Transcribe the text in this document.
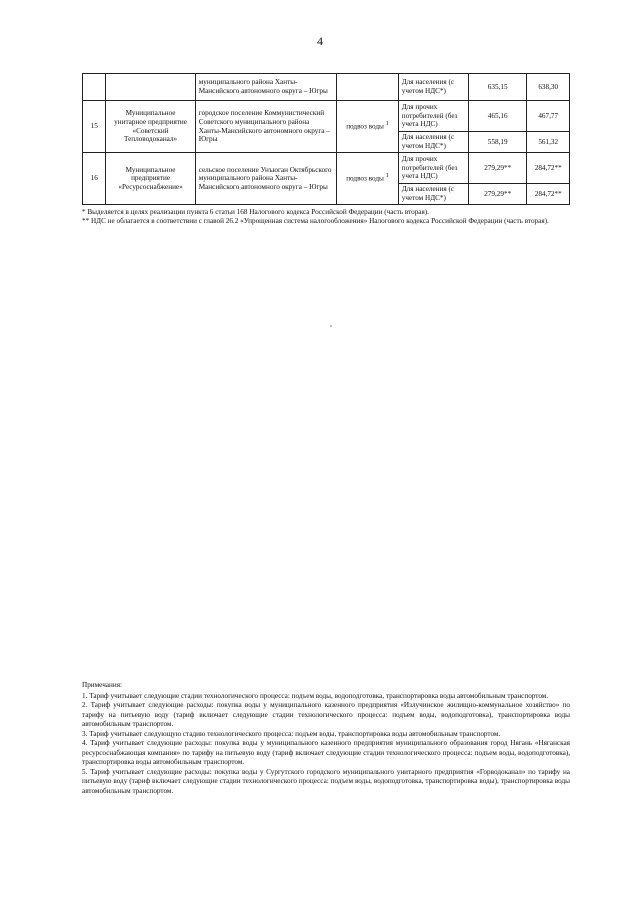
4
		муниципального района Ханты-Мансийского автономного округа – Югры		Для населения (с учетом НДС*)	635,15	638,30
15	Муниципальное унитарное предприятие «Советский Тепловодоканал»	городское поселение Коммунистический Советского муниципального района Ханты-Мансийского автономного округа – Югры	подвоз воды $^1$	Для прочих потребителей (без учета НДС)	465,16	467,77
				Для населения (с учетом НДС*)	558,19	561,32
16	Муниципальное предприятие «Ресурсоснабжение»	сельское поселение Унъюган Октябрьского муниципального района Ханты-Мансийского автономного округа – Югры	подвоз воды $^1$	Для прочих потребителей (без учета НДС)	279,29**	284,72**
				Для населения (с учетом НДС*)	279,29**	284,72**

* Выделяется в целях реализации пункта 6 статьи 168 Налогового кодекса Российской Федерации (часть вторая).

** НДС не облагается в соответствии с главой 26.2 «Упрощенная система налогообложения» Налогового кодекса Российской Федерации (часть вторая).

Примечания:

1. Тариф учитывает следующие стадии технологического процесса: подъем воды, водоподготовка, транспортировка воды автомобильным транспортом.

2. Тариф учитывает следующие расходы: покупка воды у муниципального казенного предприятия «Излучинское жилищно-коммунальное хозяйство» по тарифу на питьевую воду (тариф включает следующие стадии технологического процесса: подъем воды, водоподготовка), транспортировка воды автомобильным транспортом.

3. Тариф учитывает следующую стадию технологического процесса: подъем воды, транспортировка воды автомобильным транспортом.

4. Тариф учитывает следующие расходы: покупка воды у муниципального казенного предприятия муниципального образования город Нягань «Няганская ресурсоснабжающая компания» по тарифу на питьевую воду (тариф включает следующие стадии технологического процесса: подъем воды, водоподготовка), транспортировка воды автомобильным транспортом.

5. Тариф учитывает следующие расходы: покупка воды у Сургутского городского муниципального унитарного предприятия «Горводоканал» по тарифу на питьевую воду (тариф включает следующие стадии технологического процесса: подъем воды, водоподготовка, транспортировка воды), транспортировка воды автомобильным транспортом.
